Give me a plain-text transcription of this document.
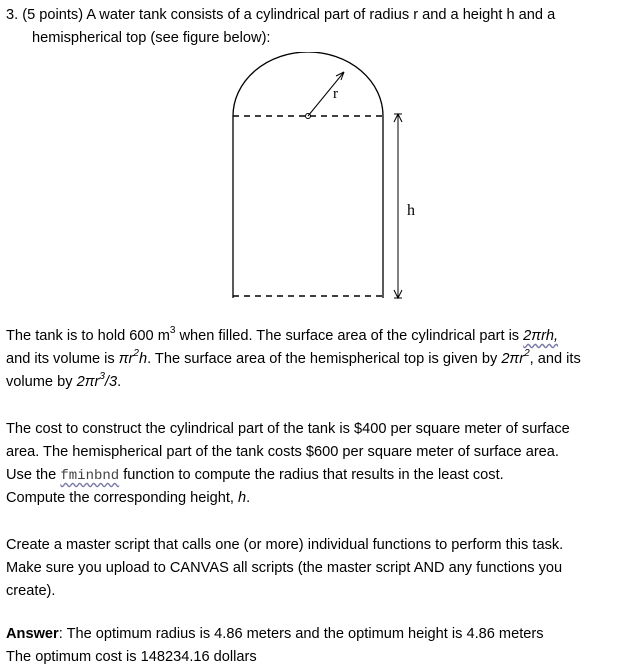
3. (5 points) A water tank consists of a cylindrical part of radius r and a height h and a
hemispherical top (see figure below):
r
h
The tank is to hold 600 $m^3$ when filled. The surface area of the cylindrical part is 2πrh,
and its volume is $\pi r^2h$. The surface area of the hemispherical top is given by $2\pi r^2$, and its
volume by $2\pi r^3/3$.
The cost to construct the cylindrical part of the tank is $400 per square meter of surface
area. The hemispherical part of the tank costs $600 per square meter of surface area.
Use the fminbnd function to compute the radius that results in the least cost.
Compute the corresponding height, h.
Create a master script that calls one (or more) individual functions to perform this task.
Make sure you upload to CANVAS all scripts (the master script AND any functions you
create).
Answer: The optimum radius is 4.86 meters and the optimum height is 4.86 meters
The optimum cost is 148234.16 dollars
